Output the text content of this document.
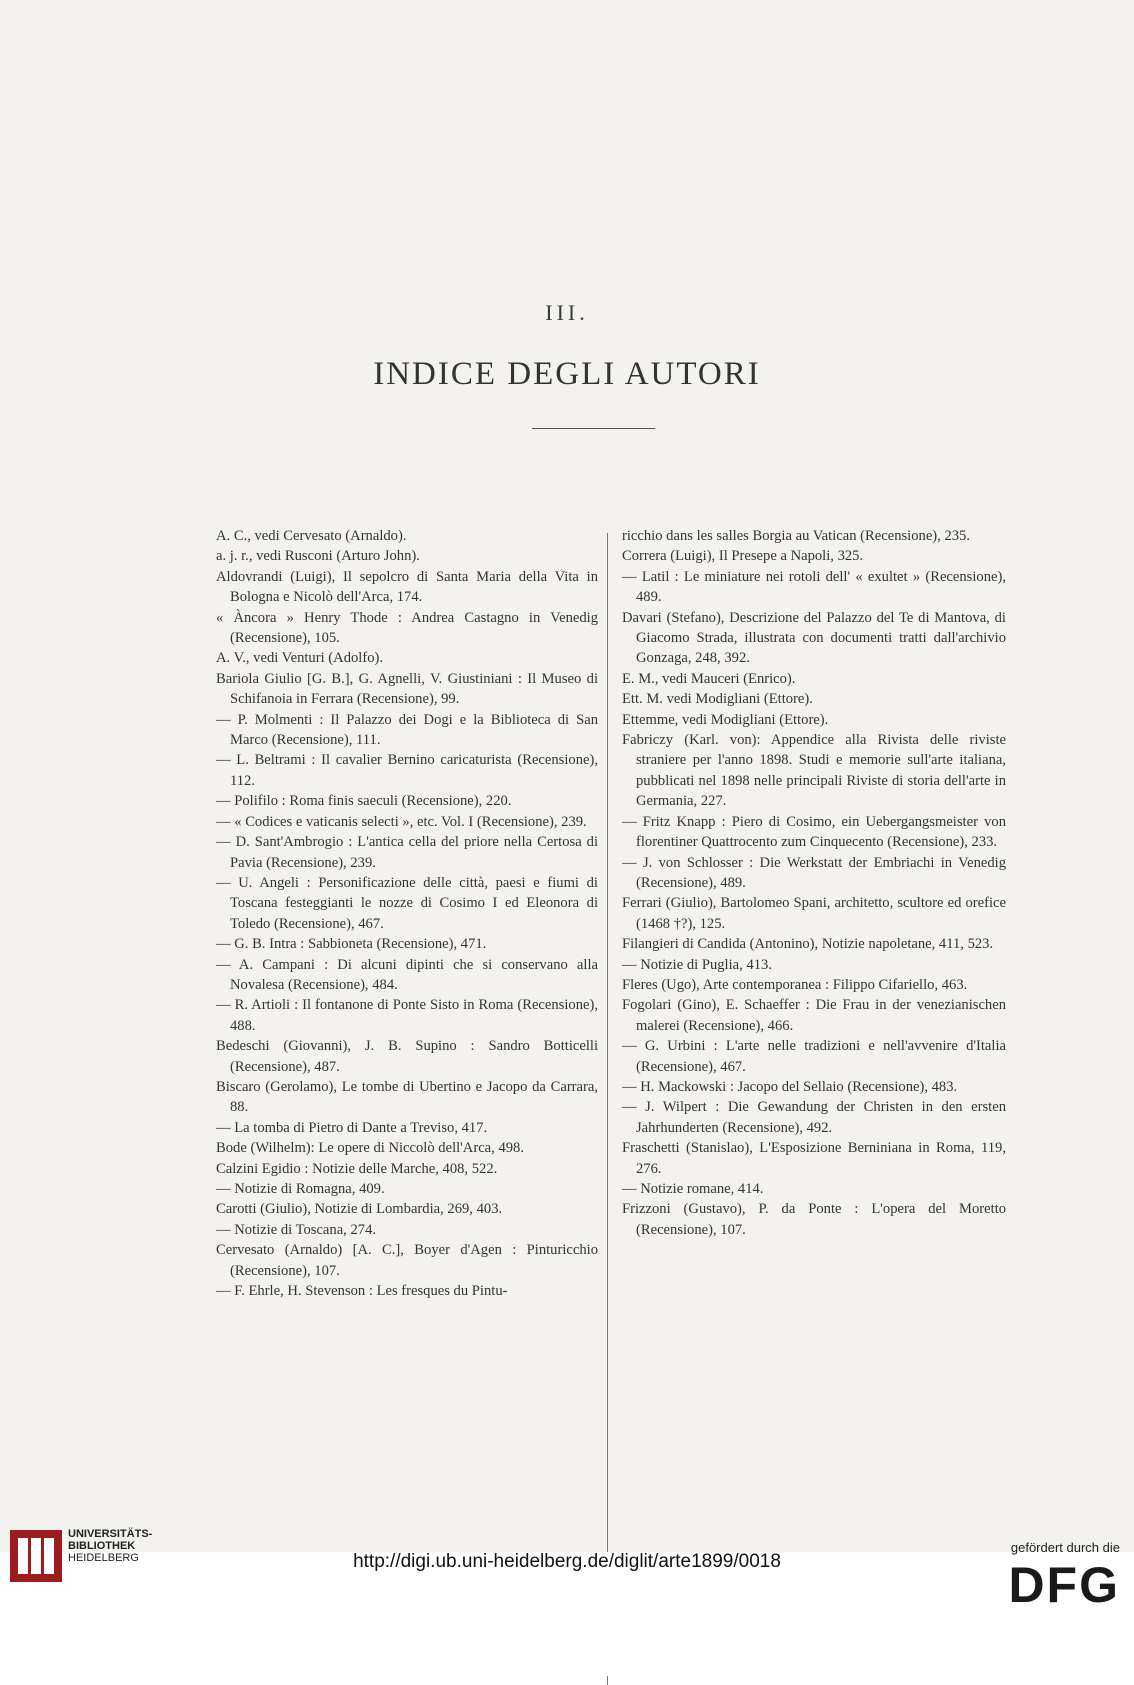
III.
INDICE DEGLI AUTORI
A. C., vedi Cervesato (Arnaldo).
a. j. r., vedi Rusconi (Arturo John).
Aldovrandi (Luigi), Il sepolcro di Santa Maria della Vita in Bologna e Nicolò dell'Arca, 174.
« Àncora » Henry Thode : Andrea Castagno in Venedig (Recensione), 105.
A. V., vedi Venturi (Adolfo).
Bariola Giulio [G. B.], G. Agnelli, V. Giustiniani : Il Museo di Schifanoia in Ferrara (Recensione), 99.
— P. Molmenti : Il Palazzo dei Dogi e la Biblioteca di San Marco (Recensione), 111.
— L. Beltrami : Il cavalier Bernino caricaturista (Recensione), 112.
— Polifilo : Roma finis saeculi (Recensione), 220.
— « Codices e vaticanis selecti », etc. Vol. I (Recensione), 239.
— D. Sant'Ambrogio : L'antica cella del priore nella Certosa di Pavia (Recensione), 239.
— U. Angeli : Personificazione delle città, paesi e fiumi di Toscana festeggianti le nozze di Cosimo I ed Eleonora di Toledo (Recensione), 467.
— G. B. Intra : Sabbioneta (Recensione), 471.
— A. Campani : Di alcuni dipinti che si conservano alla Novalesa (Recensione), 484.
— R. Artioli : Il fontanone di Ponte Sisto in Roma (Recensione), 488.
Bedeschi (Giovanni), J. B. Supino : Sandro Botticelli (Recensione), 487.
Biscaro (Gerolamo), Le tombe di Ubertino e Jacopo da Carrara, 88.
— La tomba di Pietro di Dante a Treviso, 417.
Bode (Wilhelm): Le opere di Niccolò dell'Arca, 498.
Calzini Egidio : Notizie delle Marche, 408, 522.
— Notizie di Romagna, 409.
Carotti (Giulio), Notizie di Lombardia, 269, 403.
— Notizie di Toscana, 274.
Cervesato (Arnaldo) [A. C.], Boyer d'Agen : Pinturicchio (Recensione), 107.
— F. Ehrle, H. Stevenson : Les fresques du Pintu-
ricchio dans les salles Borgia au Vatican (Recensione), 235.
Correra (Luigi), Il Presepe a Napoli, 325.
— Latil : Le miniature nei rotoli dell' « exultet » (Recensione), 489.
Davari (Stefano), Descrizione del Palazzo del Te di Mantova, di Giacomo Strada, illustrata con documenti tratti dall'archivio Gonzaga, 248, 392.
E. M., vedi Mauceri (Enrico).
Ett. M. vedi Modigliani (Ettore).
Ettemme, vedi Modigliani (Ettore).
Fabriczy (Karl. von): Appendice alla Rivista delle riviste straniere per l'anno 1898. Studi e memorie sull'arte italiana, pubblicati nel 1898 nelle principali Riviste di storia dell'arte in Germania, 227.
— Fritz Knapp : Piero di Cosimo, ein Uebergangsmeister von florentiner Quattrocento zum Cinquecento (Recensione), 233.
— J. von Schlosser : Die Werkstatt der Embriachi in Venedig (Recensione), 489.
Ferrari (Giulio), Bartolomeo Spani, architetto, scultore ed orefice (1468 †?), 125.
Filangieri di Candida (Antonino), Notizie napoletane, 411, 523.
— Notizie di Puglia, 413.
Fleres (Ugo), Arte contemporanea : Filippo Cifariello, 463.
Fogolari (Gino), E. Schaeffer : Die Frau in der venezianischen malerei (Recensione), 466.
— G. Urbini : L'arte nelle tradizioni e nell'avvenire d'Italia (Recensione), 467.
— H. Mackowski : Jacopo del Sellaio (Recensione), 483.
— J. Wilpert : Die Gewandung der Christen in den ersten Jahrhunderten (Recensione), 492.
Fraschetti (Stanislao), L'Esposizione Berniniana in Roma, 119, 276.
— Notizie romane, 414.
Frizzoni (Gustavo), P. da Ponte : L'opera del Moretto (Recensione), 107.
UNIVERSITÄTS-
BIBLIOTHEK
HEIDELBERG	http://digi.ub.uni-heidelberg.de/diglit/arte1899/0018
gefördert durch die
DFG
